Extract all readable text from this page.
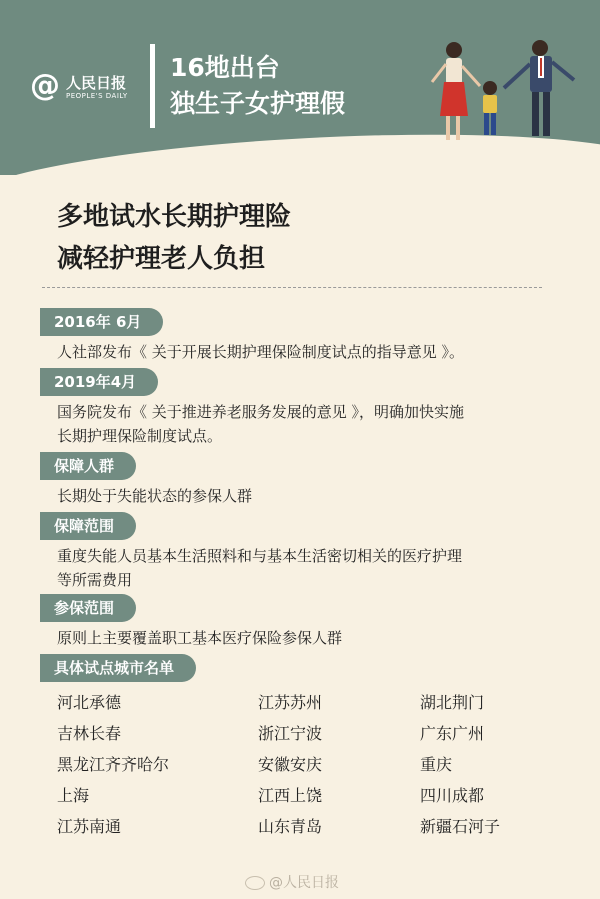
@ 人民日报
PEOPLE'S DAILY
16地出台
独生子女护理假
多地试水长期护理险
减轻护理老人负担
2016年 6月
人社部发布《 关于开展长期护理保险制度试点的指导意见 》。
2019年4月
国务院发布《 关于推进养老服务发展的意见 》，明确加快实施
长期护理保险制度试点。
保障人群
长期处于失能状态的参保人群
保障范围
重度失能人员基本生活照料和与基本生活密切相关的医疗护理
等所需费用
参保范围
原则上主要覆盖职工基本医疗保险参保人群
具体试点城市名单
河北承德	江苏苏州	湖北荆门
吉林长春	浙江宁波	广东广州
黑龙江齐齐哈尔	安徽安庆	重庆
上海	江西上饶	四川成都
江苏南通	山东青岛	新疆石河子
@人民日报
